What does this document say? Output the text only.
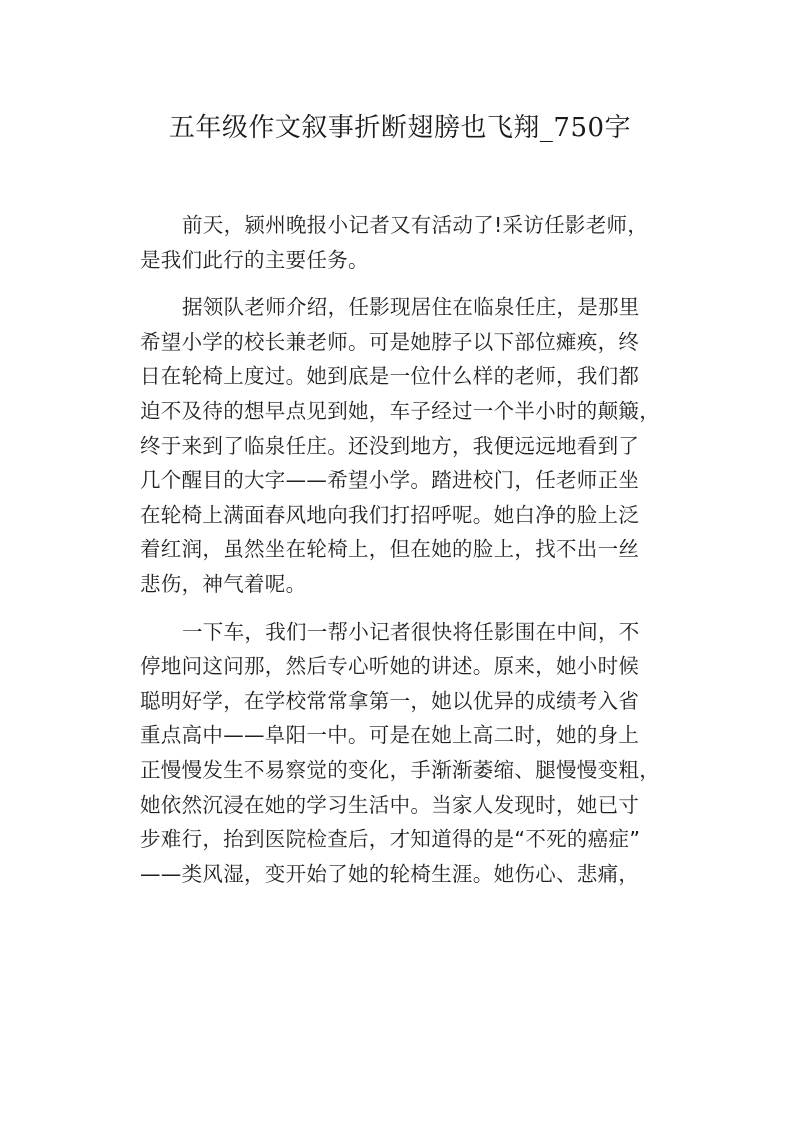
五年级作文叙事折断翅膀也飞翔_750字
前天，颍州晚报小记者又有活动了!采访任影老师，
是我们此行的主要任务。
据领队老师介绍，任影现居住在临泉任庄，是那里
希望小学的校长兼老师。可是她脖子以下部位瘫痪，终
日在轮椅上度过。她到底是一位什么样的老师，我们都
迫不及待的想早点见到她，车子经过一个半小时的颠簸，
终于来到了临泉任庄。还没到地方，我便远远地看到了
几个醒目的大字——希望小学。踏进校门，任老师正坐
在轮椅上满面春风地向我们打招呼呢。她白净的脸上泛
着红润，虽然坐在轮椅上，但在她的脸上，找不出一丝
悲伤，神气着呢。
一下车，我们一帮小记者很快将任影围在中间，不
停地问这问那，然后专心听她的讲述。原来，她小时候
聪明好学，在学校常常拿第一，她以优异的成绩考入省
重点高中——阜阳一中。可是在她上高二时，她的身上
正慢慢发生不易察觉的变化，手渐渐萎缩、腿慢慢变粗，
她依然沉浸在她的学习生活中。当家人发现时，她已寸
步难行，抬到医院检查后，才知道得的是“不死的癌症”
——类风湿，变开始了她的轮椅生涯。她伤心、悲痛，
